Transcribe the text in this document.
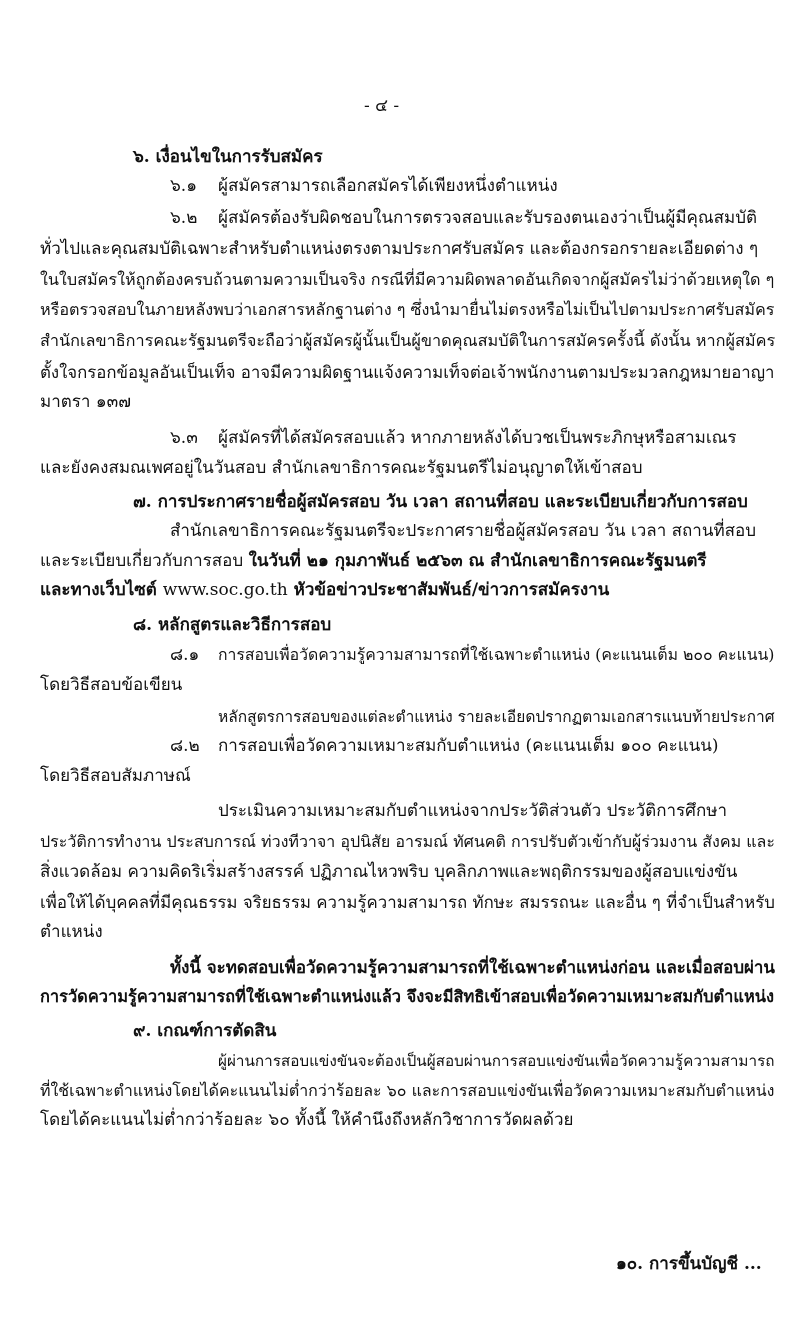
- ๔ -
๖. เงื่อนไขในการรับสมัคร
๖.๑ ผู้สมัครสามารถเลือกสมัครได้เพียงหนึ่งตำแหน่ง
๖.๒ ผู้สมัครต้องรับผิดชอบในการตรวจสอบและรับรองตนเองว่าเป็นผู้มีคุณสมบัติ
ทั่วไปและคุณสมบัติเฉพาะสำหรับตำแหน่งตรงตามประกาศรับสมัคร และต้องกรอกรายละเอียดต่าง ๆ
ในใบสมัครให้ถูกต้องครบถ้วนตามความเป็นจริง กรณีที่มีความผิดพลาดอันเกิดจากผู้สมัครไม่ว่าด้วยเหตุใด ๆ
หรือตรวจสอบในภายหลังพบว่าเอกสารหลักฐานต่าง ๆ ซึ่งนำมายื่นไม่ตรงหรือไม่เป็นไปตามประกาศรับสมัคร
สำนักเลขาธิการคณะรัฐมนตรีจะถือว่าผู้สมัครผู้นั้นเป็นผู้ขาดคุณสมบัติในการสมัครครั้งนี้ ดังนั้น หากผู้สมัคร
ตั้งใจกรอกข้อมูลอันเป็นเท็จ อาจมีความผิดฐานแจ้งความเท็จต่อเจ้าพนักงานตามประมวลกฎหมายอาญา
มาตรา ๑๓๗
๖.๓ ผู้สมัครที่ได้สมัครสอบแล้ว หากภายหลังได้บวชเป็นพระภิกษุหรือสามเณร
และยังคงสมณเพศอยู่ในวันสอบ สำนักเลขาธิการคณะรัฐมนตรีไม่อนุญาตให้เข้าสอบ
๗. การประกาศรายชื่อผู้สมัครสอบ วัน เวลา สถานที่สอบ และระเบียบเกี่ยวกับการสอบ
สำนักเลขาธิการคณะรัฐมนตรีจะประกาศรายชื่อผู้สมัครสอบ วัน เวลา สถานที่สอบ
และระเบียบเกี่ยวกับการสอบ ในวันที่ ๒๑ กุมภาพันธ์ ๒๕๖๓ ณ สำนักเลขาธิการคณะรัฐมนตรี
และทางเว็บไซต์ www.soc.go.th หัวข้อข่าวประชาสัมพันธ์/ข่าวการสมัครงาน
๘. หลักสูตรและวิธีการสอบ
๘.๑ การสอบเพื่อวัดความรู้ความสามารถที่ใช้เฉพาะตำแหน่ง (คะแนนเต็ม ๒๐๐ คะแนน)
โดยวิธีสอบข้อเขียน
หลักสูตรการสอบของแต่ละตำแหน่ง รายละเอียดปรากฏตามเอกสารแนบท้ายประกาศ
๘.๒ การสอบเพื่อวัดความเหมาะสมกับตำแหน่ง (คะแนนเต็ม ๑๐๐ คะแนน)
โดยวิธีสอบสัมภาษณ์
ประเมินความเหมาะสมกับตำแหน่งจากประวัติส่วนตัว ประวัติการศึกษา
ประวัติการทำงาน ประสบการณ์ ท่วงทีวาจา อุปนิสัย อารมณ์ ทัศนคติ การปรับตัวเข้ากับผู้ร่วมงาน สังคม และ
สิ่งแวดล้อม ความคิดริเริ่มสร้างสรรค์ ปฏิภาณไหวพริบ บุคลิกภาพและพฤติกรรมของผู้สอบแข่งขัน
เพื่อให้ได้บุคคลที่มีคุณธรรม จริยธรรม ความรู้ความสามารถ ทักษะ สมรรถนะ และอื่น ๆ ที่จำเป็นสำหรับ
ตำแหน่ง
ทั้งนี้ จะทดสอบเพื่อวัดความรู้ความสามารถที่ใช้เฉพาะตำแหน่งก่อน และเมื่อสอบผ่าน
การวัดความรู้ความสามารถที่ใช้เฉพาะตำแหน่งแล้ว จึงจะมีสิทธิเข้าสอบเพื่อวัดความเหมาะสมกับตำแหน่ง
๙. เกณฑ์การตัดสิน
ผู้ผ่านการสอบแข่งขันจะต้องเป็นผู้สอบผ่านการสอบแข่งขันเพื่อวัดความรู้ความสามารถ
ที่ใช้เฉพาะตำแหน่งโดยได้คะแนนไม่ต่ำกว่าร้อยละ ๖๐ และการสอบแข่งขันเพื่อวัดความเหมาะสมกับตำแหน่ง
โดยได้คะแนนไม่ต่ำกว่าร้อยละ ๖๐ ทั้งนี้ ให้คำนึงถึงหลักวิชาการวัดผลด้วย
๑๐. การขึ้นบัญชี ...
